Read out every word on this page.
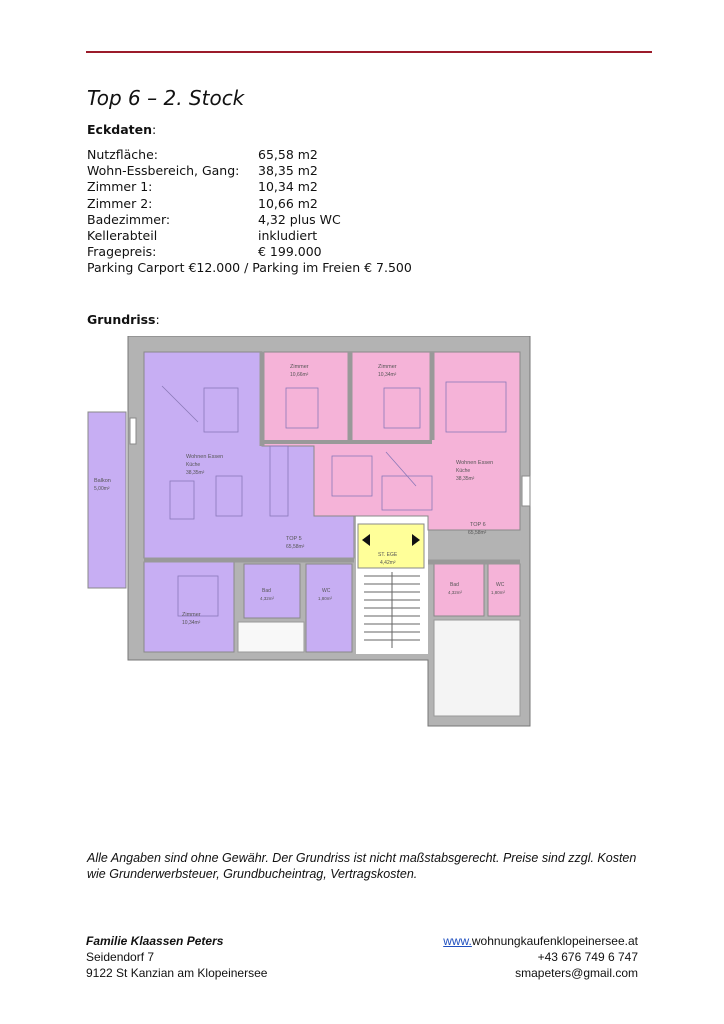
Top 6 – 2. Stock
Eckdaten:
Nutzfläche:	65,58 m2
Wohn-Essbereich, Gang:	38,35 m2
Zimmer 1:	10,34 m2
Zimmer 2:	10,66 m2
Badezimmer:	4,32 plus WC
Kellerabteil	inkludiert
Fragepreis:	€ 199.000
Parking Carport €12.000 / Parking im Freien € 7.500
Grundriss:
Zimmer
10,66m²
Zimmer
10,34m²
Wohnen Essen
Küche
38,35m²
Wohnen Essen
Küche
38,35m²
Balkon
5,00m²
TOP 5
65,58m²
TOP 6
65,58m²
ST. EGE
4,42m²
Zimmer
10,34m²
Bad
4,32m²
WC
1,80m²
Bad
4,32m²
WC
1,80m²
Alle Angaben sind ohne Gewähr. Der Grundriss ist nicht maßstabsgerecht. Preise sind zzgl. Kosten wie Grunderwerbsteuer, Grundbucheintrag, Vertragskosten.
Familie Klaassen Peters
Seidendorf 7
9122 St Kanzian am Klopeinersee
www.wohnungkaufenklopeinersee.at
+43 676 749 6 747
smapeters@gmail.com
